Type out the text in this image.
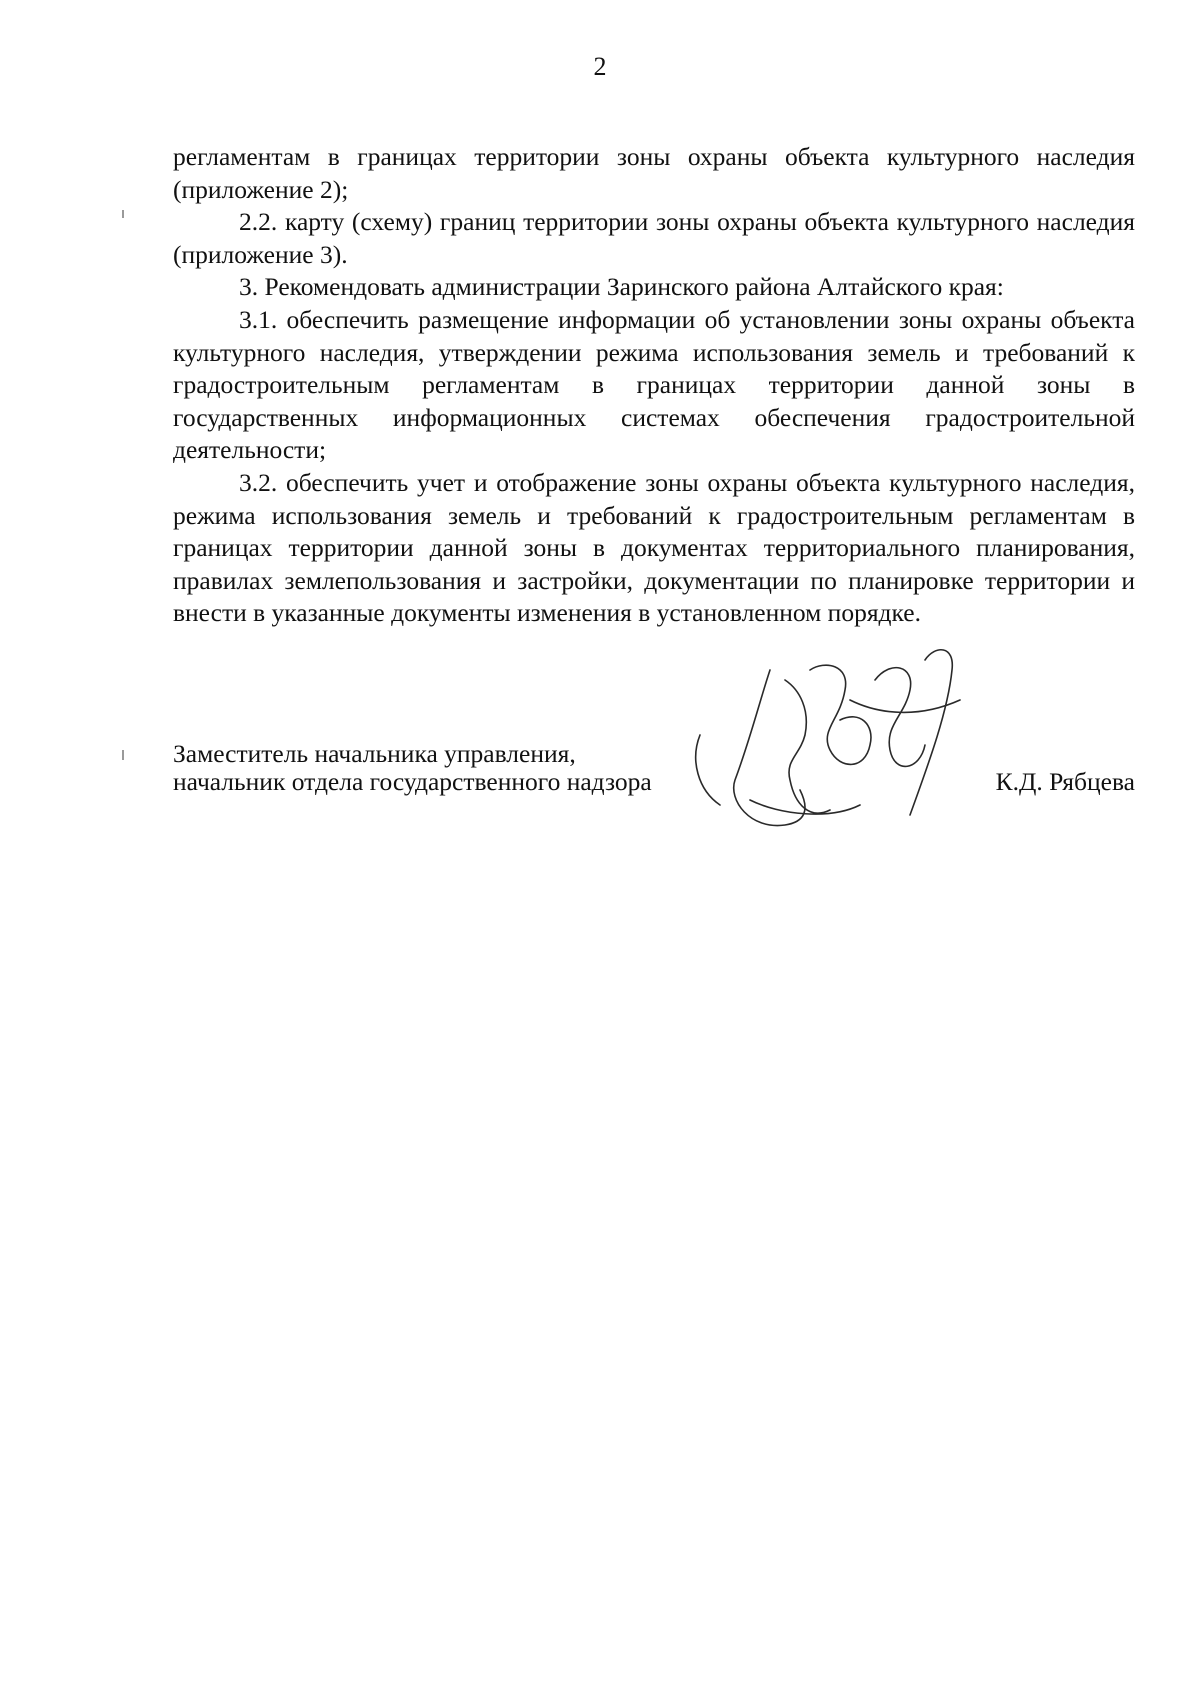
2

регламентам в границах территории зоны охраны объекта культурного наследия (приложение 2);

2.2. карту (схему) границ территории зоны охраны объекта культурного наследия (приложение 3).

3. Рекомендовать администрации Заринского района Алтайского края:

3.1. обеспечить размещение информации об установлении зоны охраны объекта культурного наследия, утверждении режима использования земель и требований к градостроительным регламентам в границах территории данной зоны в государственных информационных системах обеспечения градостроительной деятельности;

3.2. обеспечить учет и отображение зоны охраны объекта культурного наследия, режима использования земель и требований к градостроительным регламентам в границах территории данной зоны в документах территориального планирования, правилах землепользования и застройки, документации по планировке территории и внести в указанные документы изменения в установленном порядке.

Заместитель начальника управления,
начальник отдела государственного надзора	К.Д. Рябцева
